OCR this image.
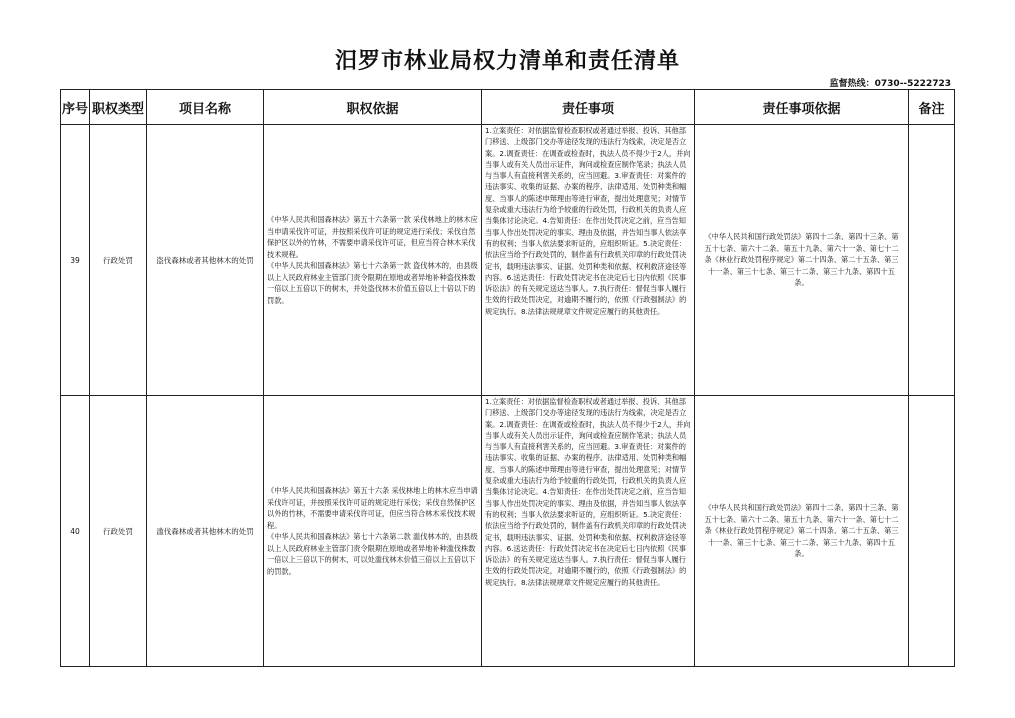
汨罗市林业局权力清单和责任清单
监督热线：0730--5222723
序号	职权类型	项目名称	职权依据	责任事项	责任事项依据	备注
39	行政处罚	盗伐森林或者其他林木的处罚	《中华人民共和国森林法》第五十六条第一款 采伐林地上的林木应当申请采伐许可证，并按照采伐许可证的规定进行采伐；采伐自然保护区以外的竹林，不需要申请采伐许可证，但应当符合林木采伐技术规程。
《中华人民共和国森林法》第七十六条第一款 盗伐林木的，由县级以上人民政府林业主管部门责令限期在原地或者异地补种盗伐株数一倍以上五倍以下的树木，并处盗伐林木价值五倍以上十倍以下的罚款。	1.立案责任：对依据监督检查职权或者通过举报、投诉、其他部门移送、上级部门交办等途径发现的违法行为线索，决定是否立案。2.调查责任：在调查或检查时，执法人员不得少于2人，并向当事人或有关人员出示证件，询问或检查应制作笔录；执法人员与当事人有直接利害关系的，应当回避。3.审查责任：对案件的违法事实、收集的证据、办案的程序、法律适用、处罚种类和幅度、当事人的陈述申辩理由等进行审查，提出处理意见；对情节复杂或重大违法行为给予较重的行政处罚，行政机关的负责人应当集体讨论决定。4.告知责任：在作出处罚决定之前，应当告知当事人作出处罚决定的事实、理由及依据，并告知当事人依法享有的权利；当事人依法要求听证的，应组织听证。5.决定责任：依法应当给予行政处罚的，制作盖有行政机关印章的行政处罚决定书，载明违法事实、证据、处罚种类和依据、权利救济途径等内容。6.送达责任：行政处罚决定书在决定后七日内依照《民事诉讼法》的有关规定送达当事人。7.执行责任：督促当事人履行生效的行政处罚决定，对逾期不履行的，依照《行政强制法》的规定执行。8.法律法规规章文件规定应履行的其他责任。	《中华人民共和国行政处罚法》第四十二条、第四十三条、第五十七条、第六十二条、第五十九条、第六十一条、第七十二条《林业行政处罚程序规定》第二十四条、第二十五条、第三十一条、第三十七条、第三十二条、第三十九条、第四十五条。	
40	行政处罚	滥伐森林或者其他林木的处罚	《中华人民共和国森林法》第五十六条 采伐林地上的林木应当申请采伐许可证，并按照采伐许可证的规定进行采伐；采伐自然保护区以外的竹林，不需要申请采伐许可证，但应当符合林木采伐技术规程。
《中华人民共和国森林法》第七十六条第二款 滥伐林木的，由县级以上人民政府林业主管部门责令限期在原地或者异地补种滥伐株数一倍以上三倍以下的树木，可以处滥伐林木价值三倍以上五倍以下的罚款。	1.立案责任：对依据监督检查职权或者通过举报、投诉、其他部门移送、上级部门交办等途径发现的违法行为线索，决定是否立案。2.调查责任：在调查或检查时，执法人员不得少于2人，并向当事人或有关人员出示证件，询问或检查应制作笔录；执法人员与当事人有直接利害关系的，应当回避。3.审查责任：对案件的违法事实、收集的证据、办案的程序、法律适用、处罚种类和幅度、当事人的陈述申辩理由等进行审查，提出处理意见；对情节复杂或重大违法行为给予较重的行政处罚，行政机关的负责人应当集体讨论决定。4.告知责任：在作出处罚决定之前，应当告知当事人作出处罚决定的事实、理由及依据，并告知当事人依法享有的权利；当事人依法要求听证的，应组织听证。5.决定责任：依法应当给予行政处罚的，制作盖有行政机关印章的行政处罚决定书，载明违法事实、证据、处罚种类和依据、权利救济途径等内容。6.送达责任：行政处罚决定书在决定后七日内依照《民事诉讼法》的有关规定送达当事人。7.执行责任：督促当事人履行生效的行政处罚决定，对逾期不履行的，依照《行政强制法》的规定执行。8.法律法规规章文件规定应履行的其他责任。	《中华人民共和国行政处罚法》第四十二条、第四十三条、第五十七条、第六十二条、第五十九条、第六十一条、第七十二条《林业行政处罚程序规定》第二十四条、第二十五条、第三十一条、第三十七条、第三十二条、第三十九条、第四十五条。	
